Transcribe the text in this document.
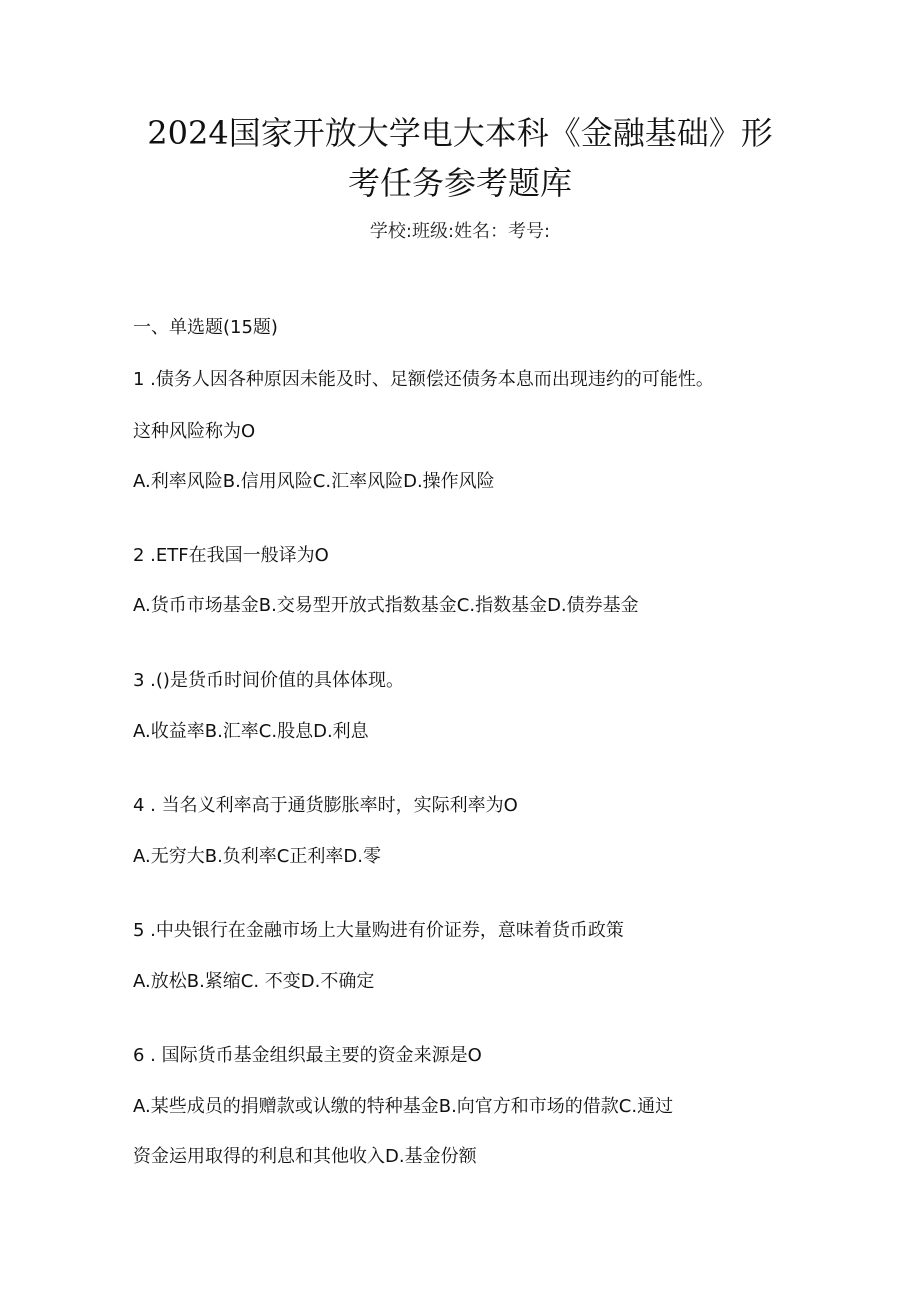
2024国家开放大学电大本科《金融基础》形
考任务参考题库
学校:班级:姓名：考号:
一、单选题(15题)
1 .债务人因各种原因未能及时、足额偿还债务本息而出现违约的可能性。
这种风险称为O
A.利率风险B.信用风险C.汇率风险D.操作风险
2 .ETF在我国一般译为O
A.货币市场基金B.交易型开放式指数基金C.指数基金D.债券基金
3 .()是货币时间价值的具体体现。
A.收益率B.汇率C.股息D.利息
4 . 当名义利率高于通货膨胀率时，实际利率为O
A.无穷大B.负利率C正利率D.零
5 .中央银行在金融市场上大量购进有价证券，意味着货币政策
A.放松B.紧缩C. 不变D.不确定
6 . 国际货币基金组织最主要的资金来源是O
A.某些成员的捐赠款或认缴的特种基金B.向官方和市场的借款C.通过
资金运用取得的利息和其他收入D.基金份额
